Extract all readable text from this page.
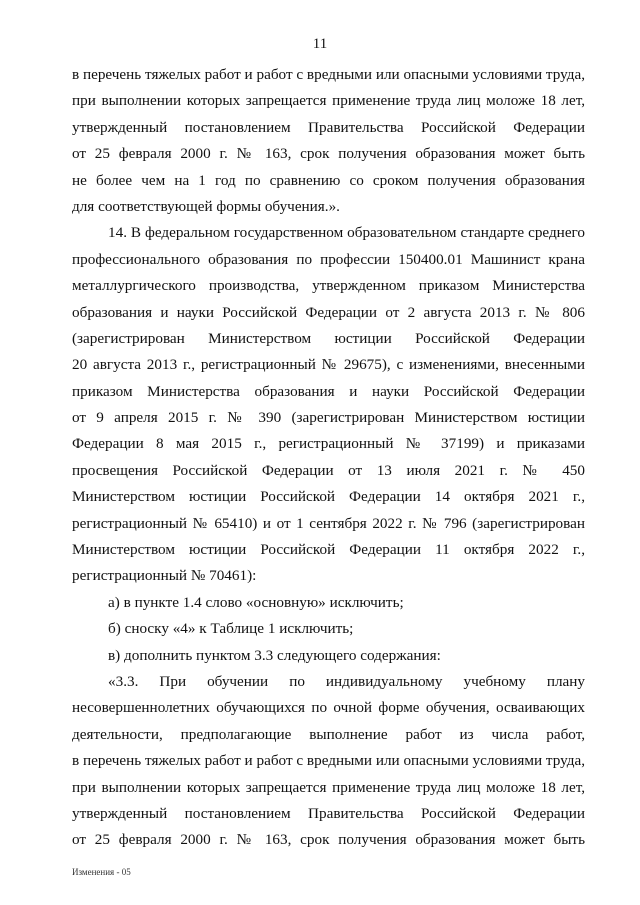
11
в перечень тяжелых работ и работ с вредными или опасными условиями труда,
при выполнении которых запрещается применение труда лиц моложе 18 лет,
утвержденный постановлением Правительства Российской Федерации
от 25 февраля 2000 г. № 163, срок получения образования может быть
не более чем на 1 год по сравнению со сроком получения образования
для соответствующей формы обучения.».
14. В федеральном государственном образовательном стандарте среднего
профессионального образования по профессии 150400.01 Машинист крана
металлургического производства, утвержденном приказом Министерства
образования и науки Российской Федерации от 2 августа 2013 г. № 806
(зарегистрирован Министерством юстиции Российской Федерации
20 августа 2013 г., регистрационный № 29675), с изменениями, внесенными
приказом Министерства образования и науки Российской Федерации
от 9 апреля 2015 г. № 390 (зарегистрирован Министерством юстиции
Федерации 8 мая 2015 г., регистрационный № 37199) и приказами
просвещения Российской Федерации от 13 июля 2021 г. № 450
Министерством юстиции Российской Федерации 14 октября 2021 г.,
регистрационный № 65410) и от 1 сентября 2022 г. № 796 (зарегистрирован
Министерством юстиции Российской Федерации 11 октября 2022 г.,
регистрационный № 70461):
а) в пункте 1.4 слово «основную» исключить;
б) сноску «4» к Таблице 1 исключить;
в) дополнить пунктом 3.3 следующего содержания:
«3.3. При обучении по индивидуальному учебному плану
несовершеннолетних обучающихся по очной форме обучения, осваивающих
деятельности, предполагающие выполнение работ из числа работ,
в перечень тяжелых работ и работ с вредными или опасными условиями труда,
при выполнении которых запрещается применение труда лиц моложе 18 лет,
утвержденный постановлением Правительства Российской Федерации
от 25 февраля 2000 г. № 163, срок получения образования может быть
Изменения - 05
